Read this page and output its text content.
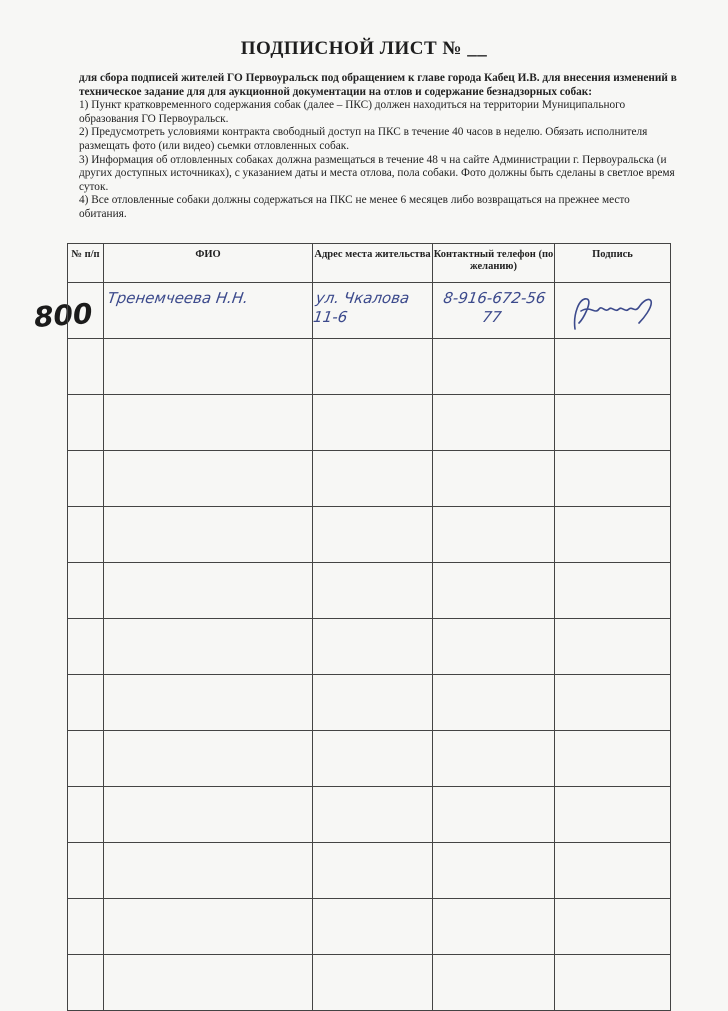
ПОДПИСНОЙ ЛИСТ № __

для сбора подписей жителей ГО Первоуральск под обращением к главе города Кабец И.В. для внесения изменений в техническое задание для для аукционной документации на отлов и содержание безнадзорных собак:

1) Пункт кратковременного содержания собак (далее – ПКС) должен находиться на территории Муниципального образования ГО Первоуральск.

2) Предусмотреть условиями контракта свободный доступ на ПКС в течение 40 часов в неделю. Обязать исполнителя размещать фото (или видео) сьемки отловленных собак.

3) Информация об отловленных собаках должна размещаться в течение 48 ч на сайте Администрации г. Первоуральска (и других доступных источниках), с указанием даты и места отлова, пола собаки. Фото должны быть сделаны в светлое время суток.

4) Все отловленные собаки должны содержаться на ПКС не менее 6 месяцев либо возвращаться на прежнее место обитания.

800
№ п/п	ФИО	Адрес места жительства	Контактный телефон (по желанию)	Подпись

	Тренемчеева Н.Н.	ул. Чкалова 11-6	8-916-672-56 77
